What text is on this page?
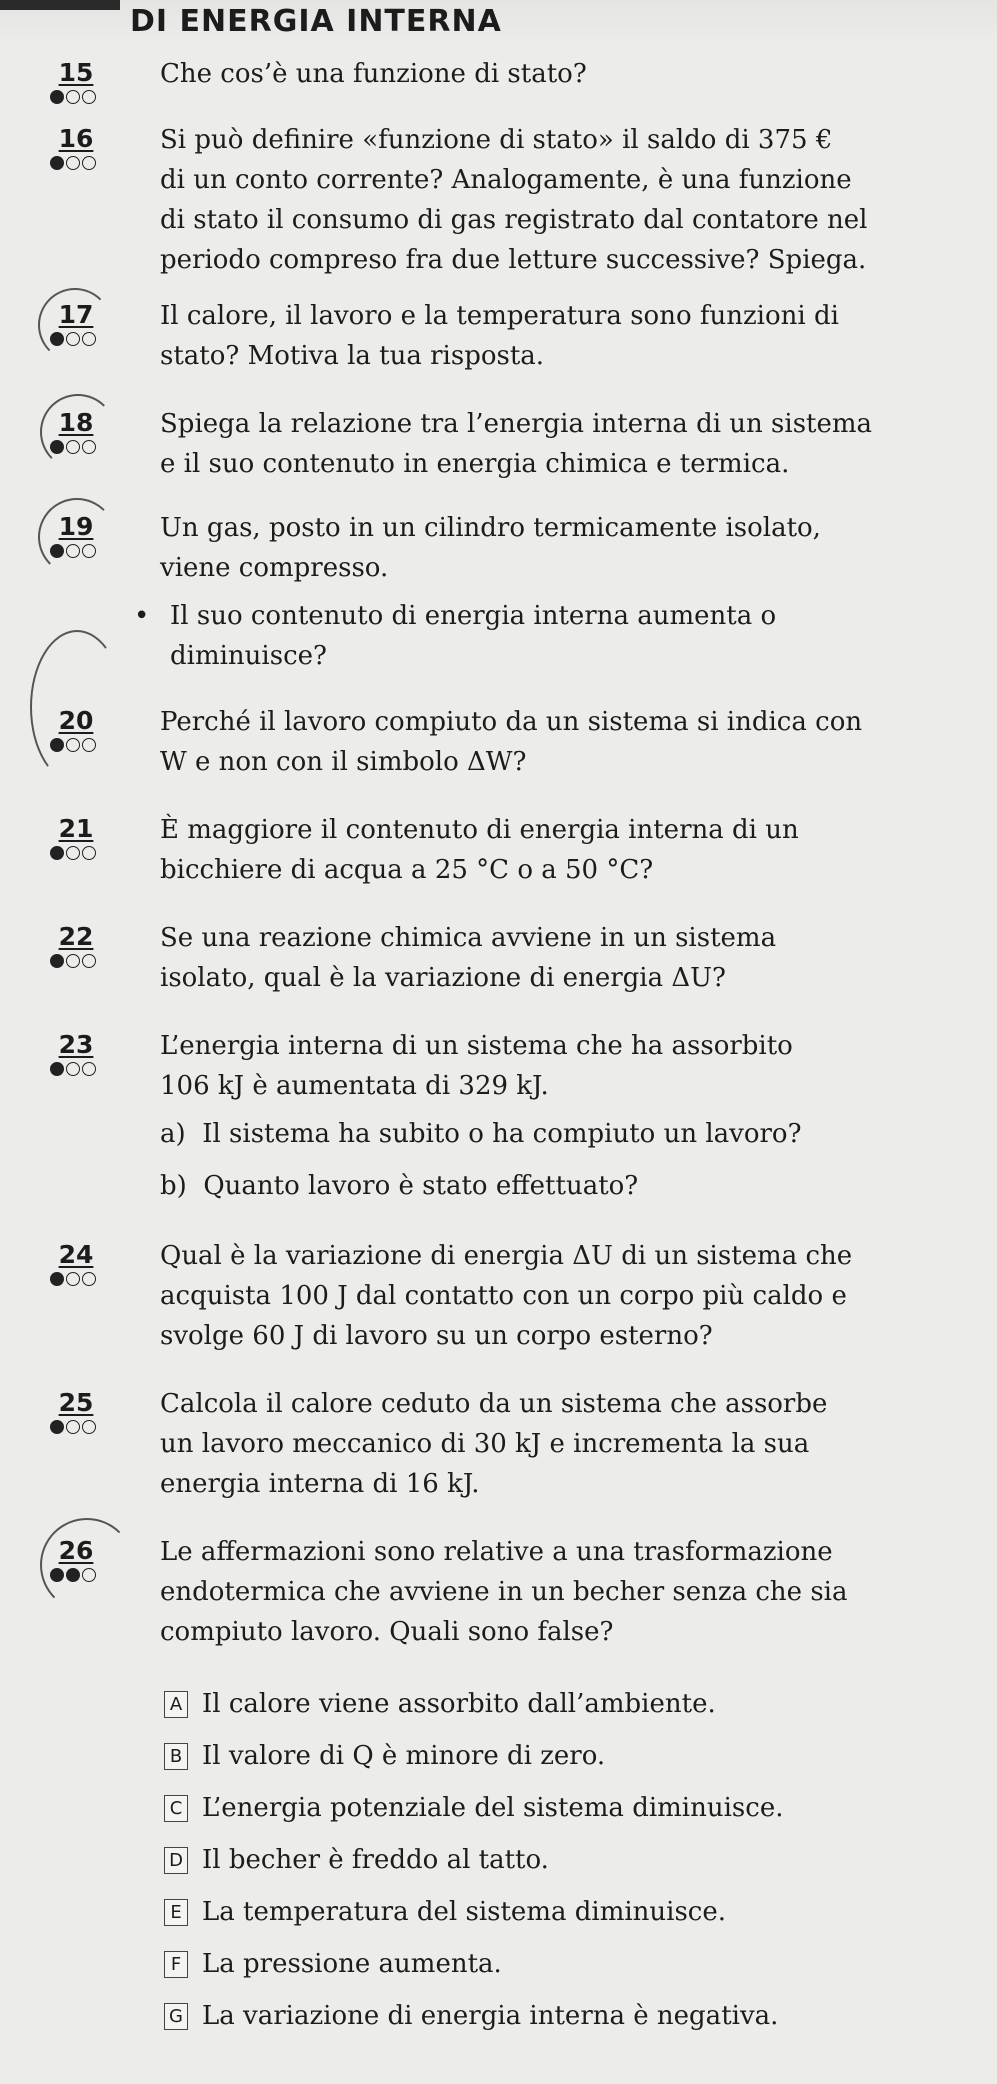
DI ENERGIA INTERNA
15	Che cos’è una funzione di stato?
16	Si può definire «funzione di stato» il saldo di 375 €
di un conto corrente? Analogamente, è una funzione
di stato il consumo di gas registrato dal contatore nel
periodo compreso fra due letture successive? Spiega.
17	Il calore, il lavoro e la temperatura sono funzioni di
stato? Motiva la tua risposta.
18	Spiega la relazione tra l’energia interna di un sistema
e il suo contenuto in energia chimica e termica.
19	Un gas, posto in un cilindro termicamente isolato,
viene compresso.
• Il suo contenuto di energia interna aumenta o
diminuisce?
20	Perché il lavoro compiuto da un sistema si indica con
W e non con il simbolo ΔW?
21	È maggiore il contenuto di energia interna di un
bicchiere di acqua a 25 °C o a 50 °C?
22	Se una reazione chimica avviene in un sistema
isolato, qual è la variazione di energia ΔU?
23	L’energia interna di un sistema che ha assorbito
106 kJ è aumentata di 329 kJ.
a) Il sistema ha subito o ha compiuto un lavoro?
b) Quanto lavoro è stato effettuato?
24	Qual è la variazione di energia ΔU di un sistema che
acquista 100 J dal contatto con un corpo più caldo e
svolge 60 J di lavoro su un corpo esterno?
25	Calcola il calore ceduto da un sistema che assorbe
un lavoro meccanico di 30 kJ e incrementa la sua
energia interna di 16 kJ.
26	Le affermazioni sono relative a una trasformazione
endotermica che avviene in un becher senza che sia
compiuto lavoro. Quali sono false?
A Il calore viene assorbito dall’ambiente.
B Il valore di Q è minore di zero.
C L’energia potenziale del sistema diminuisce.
D Il becher è freddo al tatto.
E La temperatura del sistema diminuisce.
F La pressione aumenta.
G La variazione di energia interna è negativa.
